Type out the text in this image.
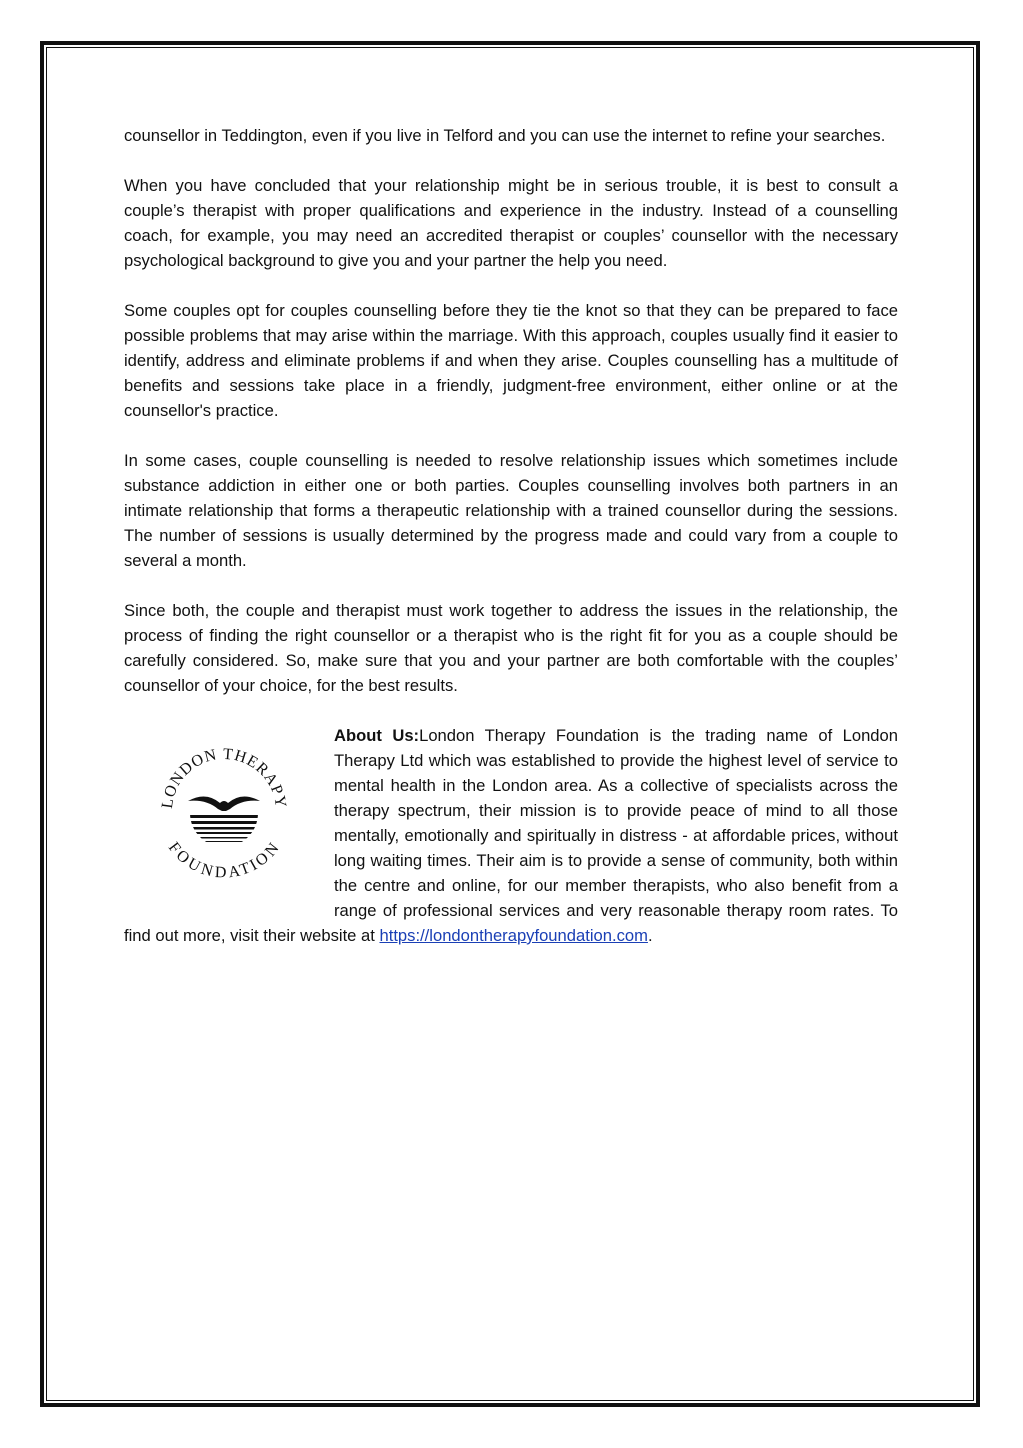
counsellor in Teddington, even if you live in Telford and you can use the internet to refine your searches.

When you have concluded that your relationship might be in serious trouble, it is best to consult a couple’s therapist with proper qualifications and experience in the industry. Instead of a counselling coach, for example, you may need an accredited therapist or couples’ counsellor with the necessary psychological background to give you and your partner the help you need.

Some couples opt for couples counselling before they tie the knot so that they can be prepared to face possible problems that may arise within the marriage. With this approach, couples usually find it easier to identify, address and eliminate problems if and when they arise. Couples counselling has a multitude of benefits and sessions take place in a friendly, judgment-free environment, either online or at the counsellor's practice.

In some cases, couple counselling is needed to resolve relationship issues which sometimes include substance addiction in either one or both parties. Couples counselling involves both partners in an intimate relationship that forms a therapeutic relationship with a trained counsellor during the sessions. The number of sessions is usually determined by the progress made and could vary from a couple to several a month.

Since both, the couple and therapist must work together to address the issues in the relationship, the process of finding the right counsellor or a therapist who is the right fit for you as a couple should be carefully considered. So, make sure that you and your partner are both comfortable with the couples’ counsellor of your choice, for the best results.

LONDON THERAPY
FOUNDATION

About Us:London Therapy Foundation is the trading name of London Therapy Ltd which was established to provide the highest level of service to mental health in the London area. As a collective of specialists across the therapy spectrum, their mission is to provide peace of mind to all those mentally, emotionally and spiritually in distress - at affordable prices, without long waiting times. Their aim is to provide a sense of community, both within the centre and online, for our member therapists, who also benefit from a range of professional services and very reasonable therapy room rates. To find out more, visit their website at https://londontherapyfoundation.com.
